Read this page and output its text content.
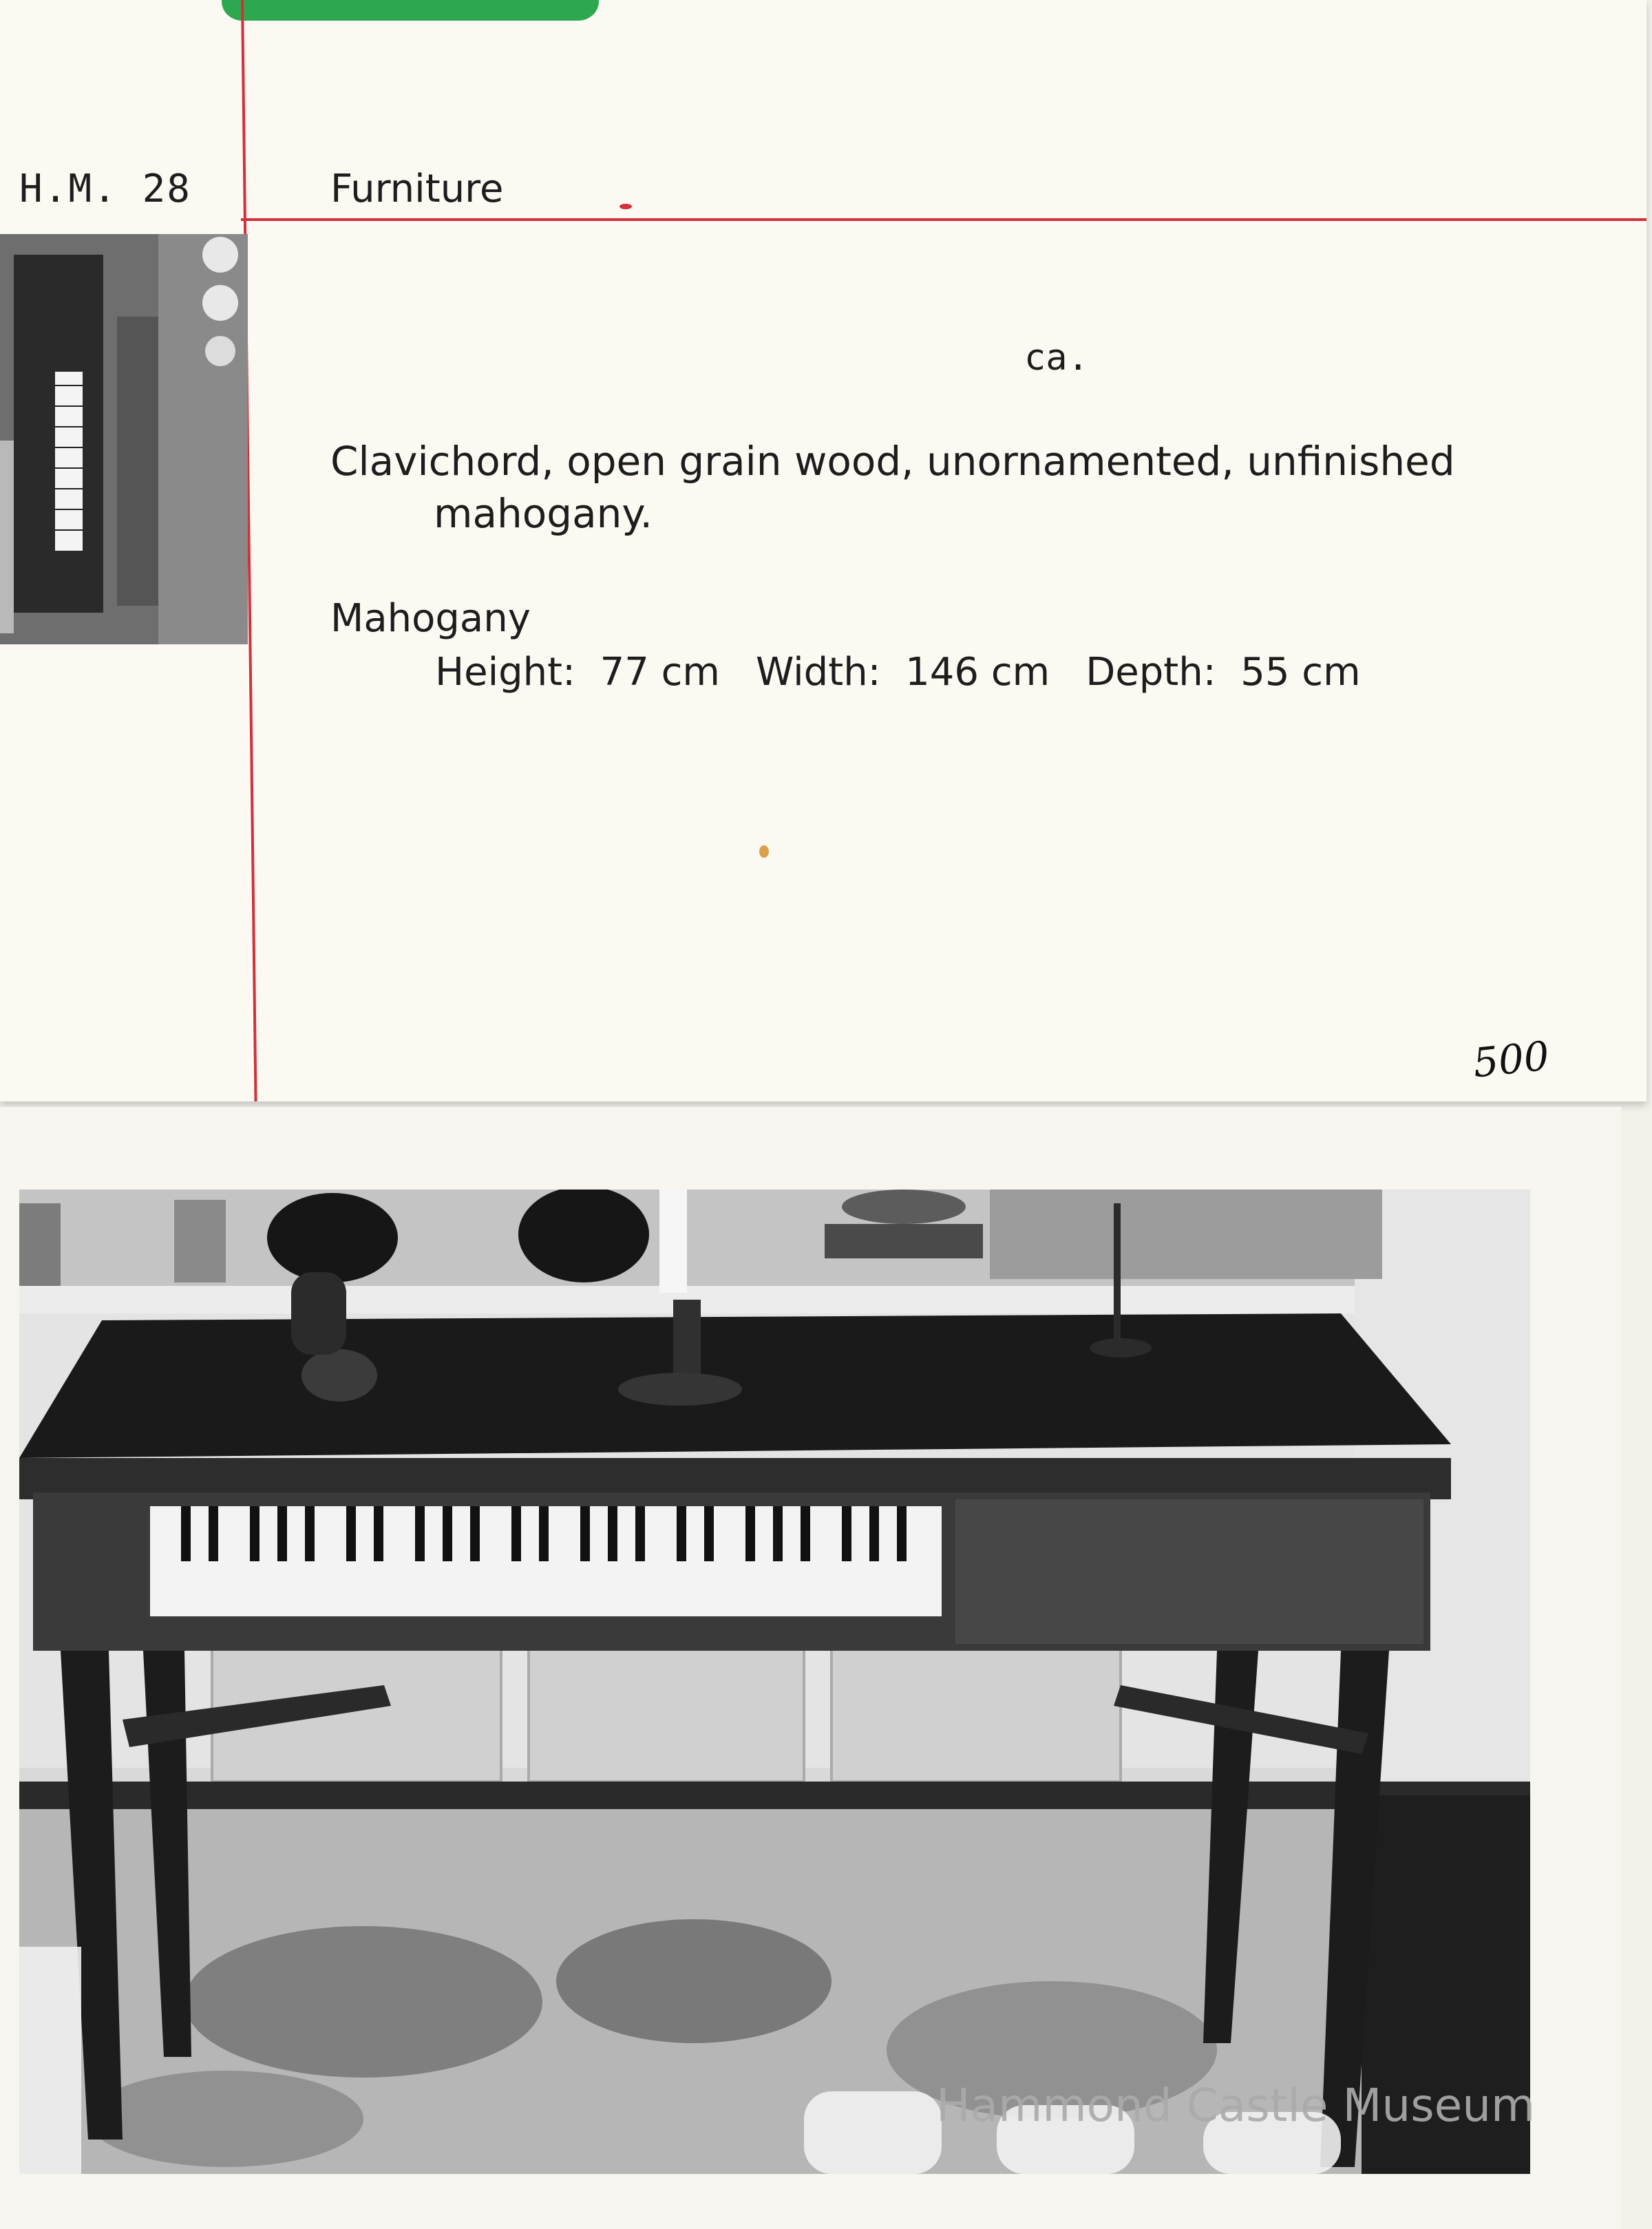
H.M. 28	Furniture
ca.
Clavichord, open grain wood, unornamented, unfinished
mahogany.
Mahogany
Height:  77 cm Width:  146 cm Depth:  55 cm
500
Hammond Castle Museum
